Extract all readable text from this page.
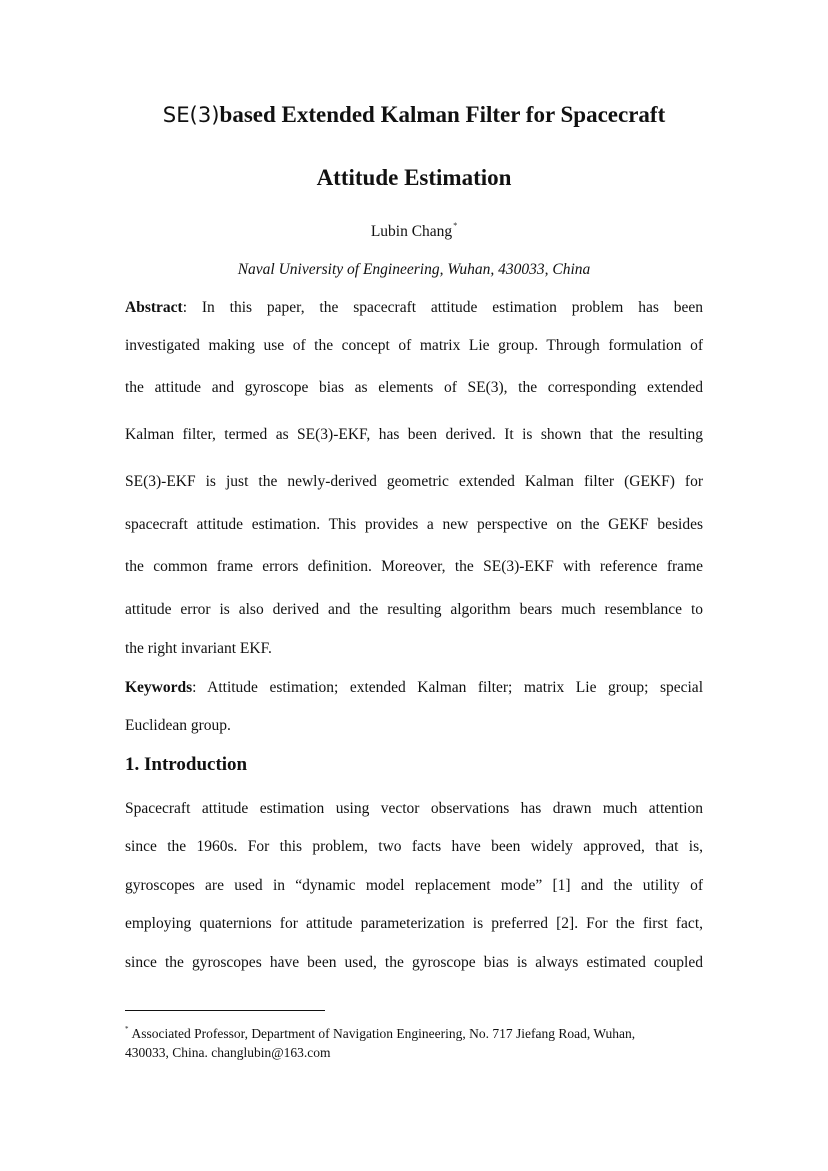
SE(3)based Extended Kalman Filter for Spacecraft
Attitude Estimation
Lubin Chang*
Naval University of Engineering, Wuhan, 430033, China
Abstract: In this paper, the spacecraft attitude estimation problem has been
investigated making use of the concept of matrix Lie group. Through formulation of
the attitude and gyroscope bias as elements of SE(3), the corresponding extended
Kalman filter, termed as SE(3)-EKF, has been derived. It is shown that the resulting
SE(3)-EKF is just the newly-derived geometric extended Kalman filter (GEKF) for
spacecraft attitude estimation. This provides a new perspective on the GEKF besides
the common frame errors definition. Moreover, the SE(3)-EKF with reference frame
attitude error is also derived and the resulting algorithm bears much resemblance to
the right invariant EKF.
Keywords: Attitude estimation; extended Kalman filter; matrix Lie group; special
Euclidean group.
1. Introduction
Spacecraft attitude estimation using vector observations has drawn much attention
since the 1960s. For this problem, two facts have been widely approved, that is,
gyroscopes are used in “dynamic model replacement mode” [1] and the utility of
employing quaternions for attitude parameterization is preferred [2]. For the first fact,
since the gyroscopes have been used, the gyroscope bias is always estimated coupled
* Associated Professor, Department of Navigation Engineering, No. 717 Jiefang Road, Wuhan,
430033, China. changlubin@163.com
